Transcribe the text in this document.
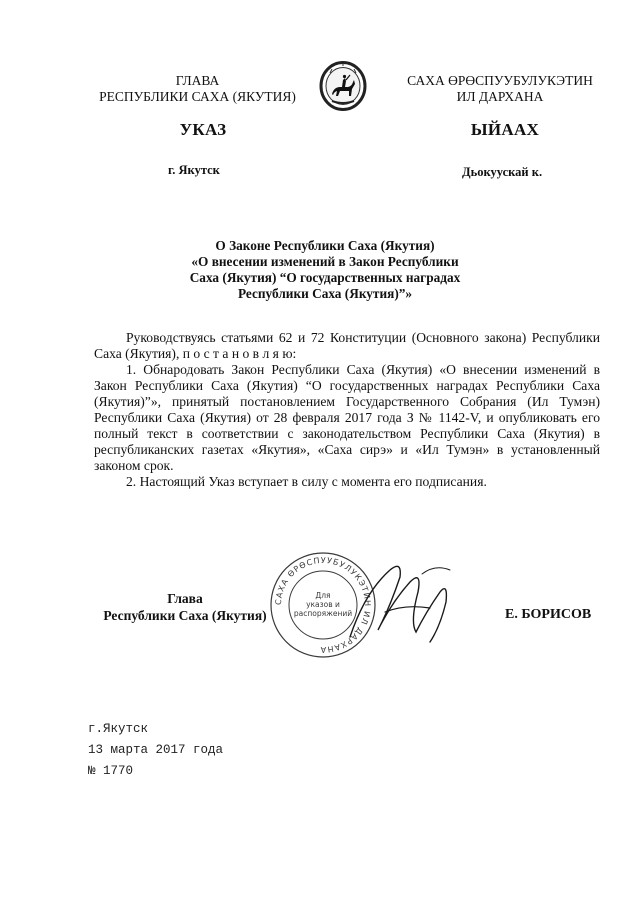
ГЛАВА
РЕСПУБЛИКИ САХА (ЯКУТИЯ)
САХА ӨРӨСПУУБУЛУКЭТИН
ИЛ ДАРХАНА
УКАЗ	ЫЙААХ
г. Якутск	Дьокуускай к.
О Законе Республики Саха (Якутия)
«О внесении изменений в Закон Республики
Саха (Якутия) “О государственных наградах
Республики Саха (Якутия)”»

Руководствуясь статьями 62 и 72 Конституции (Основного закона) Республики Саха (Якутия), п о с т а н о в л я ю:

1. Обнародовать Закон Республики Саха (Якутия) «О внесении изменений в Закон Республики Саха (Якутия) “О государственных наградах Республики Саха (Якутия)”», принятый постановлением Государственного Собрания (Ил Тумэн) Республики Саха (Якутия) от 28 февраля 2017 года З № 1142-V, и опубликовать его полный текст в соответствии с законодательством Республики Саха (Якутия) в республиканских газетах «Якутия», «Саха сирэ» и «Ил Тумэн» в установленный законом срок.

2. Настоящий Указ вступает в силу с момента его подписания.

Глава
Республики Саха (Якутия)
САХА ӨРӨСПУУБУЛУКЭТИН ИЛ ДАРХАНА
Для
указов и
распоряжений	Е. БОРИСОВ
г.Якутск
13 марта 2017 года
№ 1770
